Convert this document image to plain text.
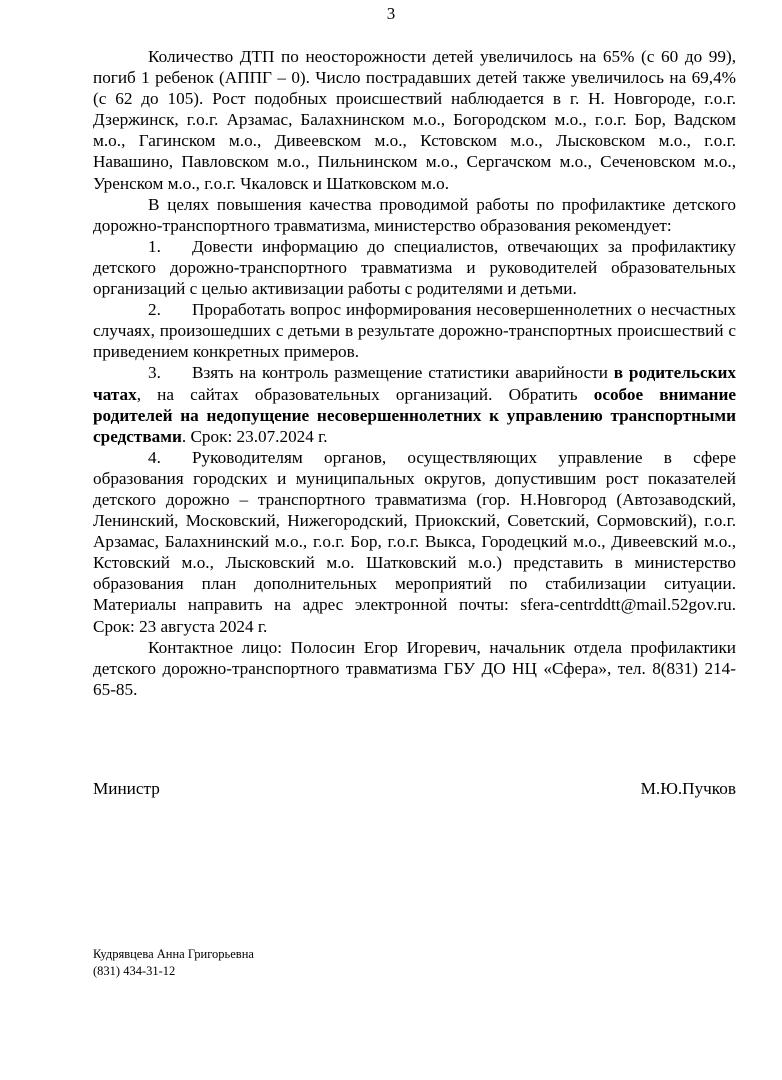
3

Количество ДТП по неосторожности детей увеличилось на 65% (с 60 до 99), погиб 1 ребенок (АППГ – 0). Число пострадавших детей также увеличилось на 69,4% (с 62 до 105). Рост подобных происшествий наблюдается в г. Н. Новгороде, г.о.г. Дзержинск, г.о.г. Арзамас, Балахнинском м.о., Богородском м.о., г.о.г. Бор, Вадском м.о., Гагинском м.о., Дивеевском м.о., Кстовском м.о., Лысковском м.о., г.о.г. Навашино, Павловском м.о., Пильнинском м.о., Сергачском м.о., Сеченовском м.о., Уренском м.о., г.о.г. Чкаловск и Шатковском м.о.

В целях повышения качества проводимой работы по профилактике детского дорожно-транспортного травматизма, министерство образования рекомендует:

1. Довести информацию до специалистов, отвечающих за профилактику детского дорожно-транспортного травматизма и руководителей образовательных организаций с целью активизации работы с родителями и детьми.

2. Проработать вопрос информирования несовершеннолетних о несчастных случаях, произошедших с детьми в результате дорожно-транспортных происшествий с приведением конкретных примеров.

3. Взять на контроль размещение статистики аварийности в родительских чатах, на сайтах образовательных организаций. Обратить особое внимание родителей на недопущение несовершеннолетних к управлению транспортными средствами. Срок: 23.07.2024 г.

4. Руководителям органов, осуществляющих управление в сфере образования городских и муниципальных округов, допустившим рост показателей детского дорожно – транспортного травматизма (гор. Н.Новгород (Автозаводский, Ленинский, Московский, Нижегородский, Приокский, Советский, Сормовский), г.о.г. Арзамас, Балахнинский м.о., г.о.г. Бор, г.о.г. Выкса, Городецкий м.о., Дивеевский м.о., Кстовский м.о., Лысковский м.о. Шатковский м.о.) представить в министерство образования план дополнительных мероприятий по стабилизации ситуации. Материалы направить на адрес электронной почты: sfera-centrddtt@mail.52gov.ru. Срок: 23 августа 2024 г.

Контактное лицо: Полосин Егор Игоревич, начальник отдела профилактики детского дорожно-транспортного травматизма ГБУ ДО НЦ «Сфера», тел. 8(831) 214-65-85.

Министр	М.Ю.Пучков
Кудрявцева Анна Григорьевна
(831) 434-31-12
